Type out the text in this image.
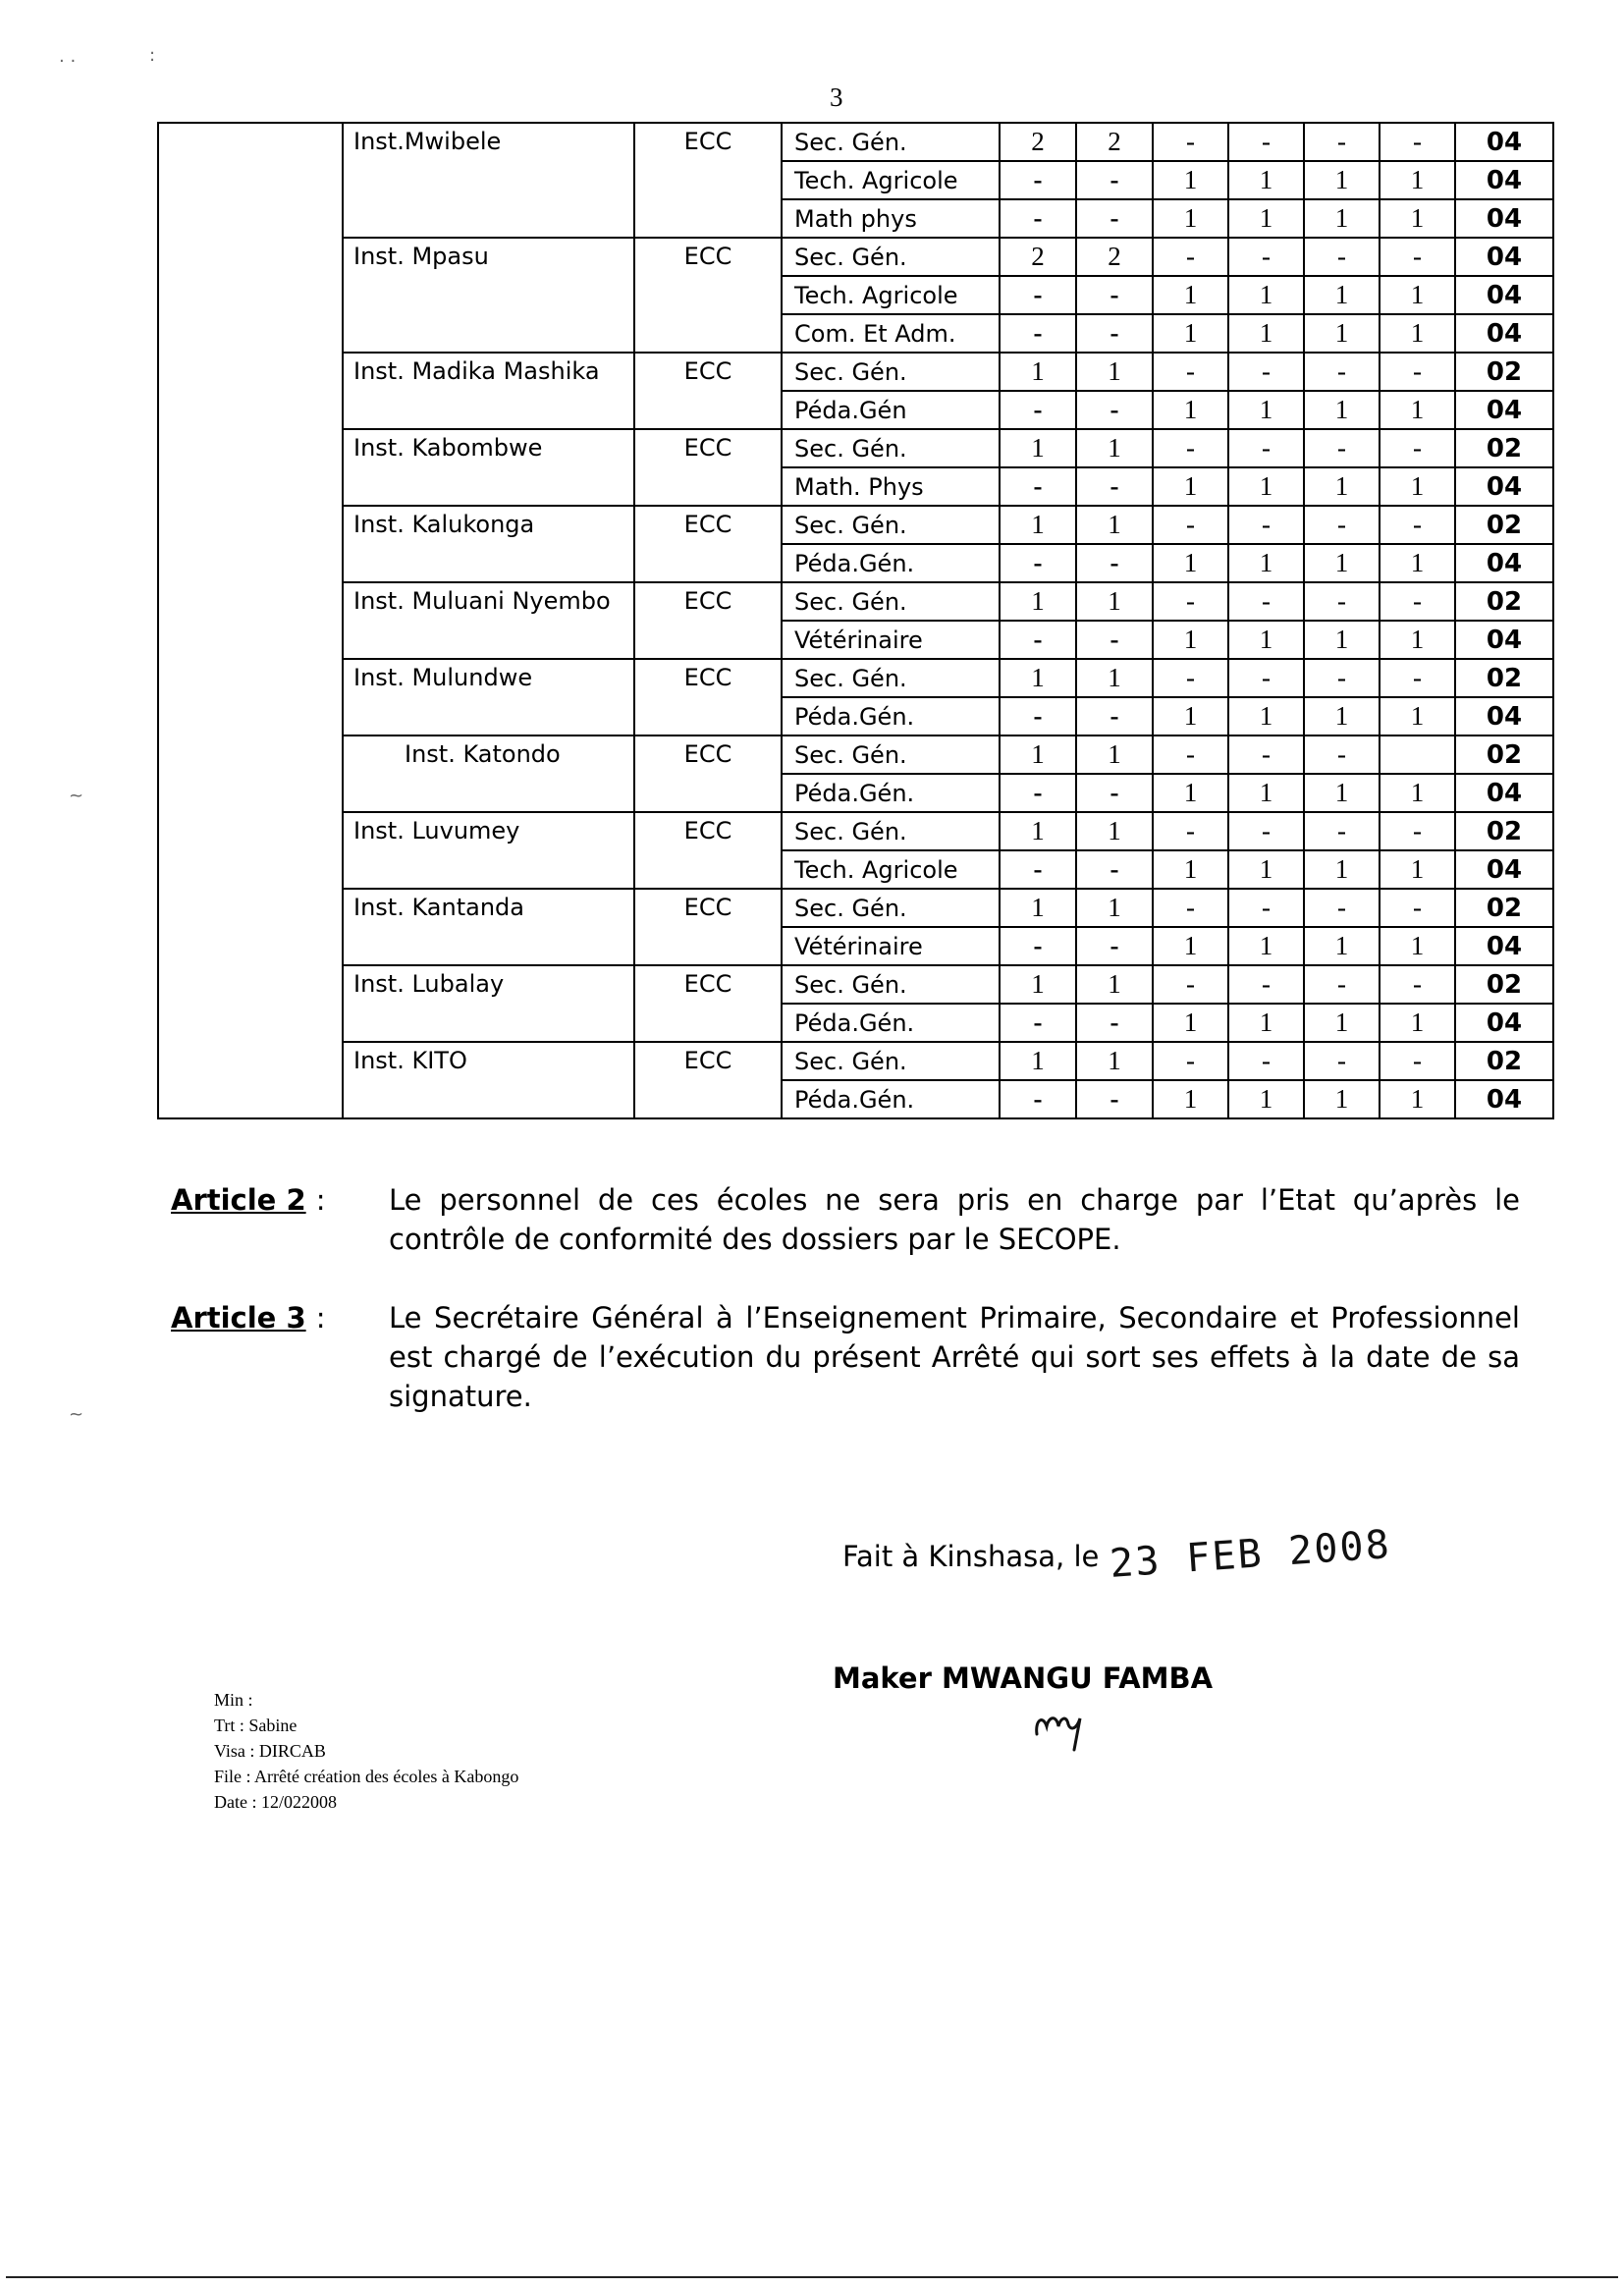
3
	Inst.Mwibele	ECC	Sec. Gén.	2	2	-	-	-	-	04
			Tech. Agricole	-	-	1	1	1	1	04
			Math phys	-	-	1	1	1	1	04
	Inst. Mpasu	ECC	Sec. Gén.	2	2	-	-	-	-	04
			Tech. Agricole	-	-	1	1	1	1	04
			Com. Et Adm.	-	-	1	1	1	1	04
	Inst. Madika Mashika	ECC	Sec. Gén.	1	1	-	-	-	-	02
			Péda.Gén	-	-	1	1	1	1	04
	Inst. Kabombwe	ECC	Sec. Gén.	1	1	-	-	-	-	02
			Math. Phys	-	-	1	1	1	1	04
	Inst. Kalukonga	ECC	Sec. Gén.	1	1	-	-	-	-	02
			Péda.Gén.	-	-	1	1	1	1	04
	Inst. Muluani Nyembo	ECC	Sec. Gén.	1	1	-	-	-	-	02
			Vétérinaire	-	-	1	1	1	1	04
	Inst. Mulundwe	ECC	Sec. Gén.	1	1	-	-	-	-	02
			Péda.Gén.	-	-	1	1	1	1	04
	Inst. Katondo	ECC	Sec. Gén.	1	1	-	-	-		02
			Péda.Gén.	-	-	1	1	1	1	04
	Inst. Luvumey	ECC	Sec. Gén.	1	1	-	-	-	-	02
			Tech. Agricole	-	-	1	1	1	1	04
	Inst. Kantanda	ECC	Sec. Gén.	1	1	-	-	-	-	02
			Vétérinaire	-	-	1	1	1	1	04
	Inst. Lubalay	ECC	Sec. Gén.	1	1	-	-	-	-	02
			Péda.Gén.	-	-	1	1	1	1	04
	Inst. KITO	ECC	Sec. Gén.	1	1	-	-	-	-	02
			Péda.Gén.	-	-	1	1	1	1	04
Article 2 : Le personnel de ces écoles ne sera pris en charge par l’Etat qu’après le contrôle de conformité des dossiers par le SECOPE.
Article 3 : Le Secrétaire Général à l’Enseignement Primaire, Secondaire et Professionnel est chargé de l’exécution du présent Arrêté qui sort ses effets à la date de sa signature.
Fait à Kinshasa, le 23 FEB 2008
Maker MWANGU FAMBA
Min :
Trt : Sabine
Visa : DIRCAB
File : Arrêté création des écoles à Kabongo
Date : 12/022008
· ·	:
~
~
